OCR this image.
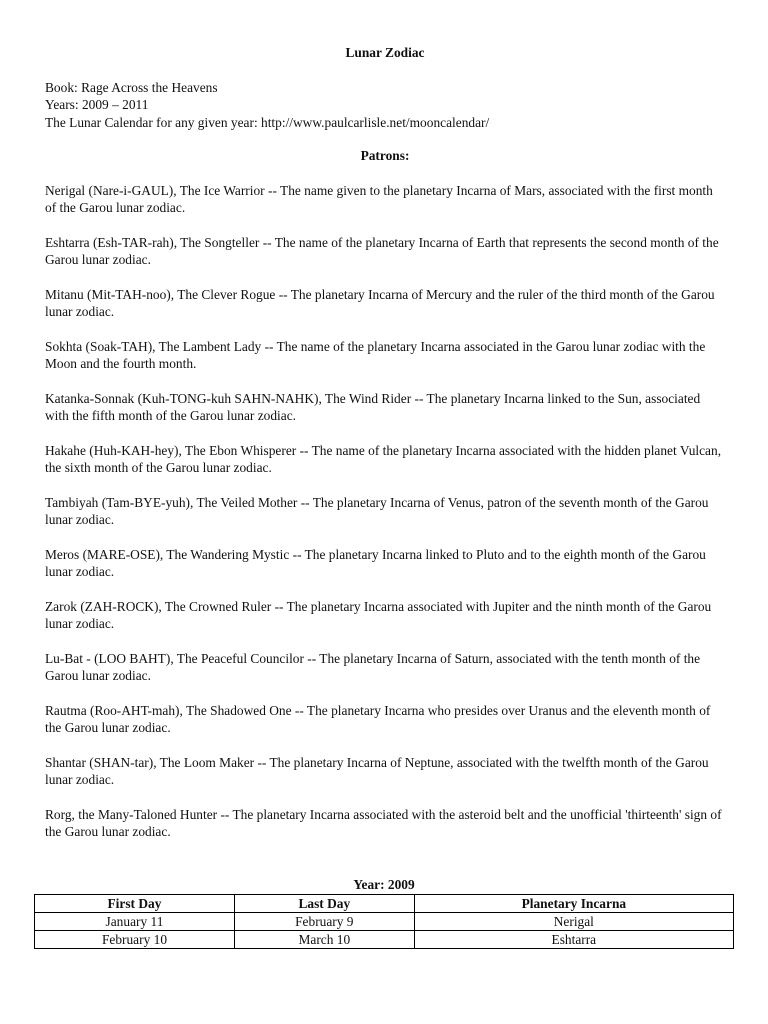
Lunar Zodiac
Book: Rage Across the Heavens
Years: 2009 – 2011
The Lunar Calendar for any given year: http://www.paulcarlisle.net/mooncalendar/
Patrons:

Nerigal (Nare-i-GAUL), The Ice Warrior -- The name given to the planetary Incarna of Mars, associated with the first month of the Garou lunar zodiac.

Eshtarra (Esh-TAR-rah), The Songteller -- The name of the planetary Incarna of Earth that represents the second month of the Garou lunar zodiac.

Mitanu (Mit-TAH-noo), The Clever Rogue -- The planetary Incarna of Mercury and the ruler of the third month of the Garou lunar zodiac.

Sokhta (Soak-TAH), The Lambent Lady -- The name of the planetary Incarna associated in the Garou lunar zodiac with the Moon and the fourth month.

Katanka-Sonnak (Kuh-TONG-kuh SAHN-NAHK), The Wind Rider -- The planetary Incarna linked to the Sun, associated with the fifth month of the Garou lunar zodiac.

Hakahe (Huh-KAH-hey), The Ebon Whisperer -- The name of the planetary Incarna associated with the hidden planet Vulcan, the sixth month of the Garou lunar zodiac.

Tambiyah (Tam-BYE-yuh), The Veiled Mother -- The planetary Incarna of Venus, patron of the seventh month of the Garou lunar zodiac.

Meros (MARE-OSE), The Wandering Mystic -- The planetary Incarna linked to Pluto and to the eighth month of the Garou lunar zodiac.

Zarok (ZAH-ROCK), The Crowned Ruler -- The planetary Incarna associated with Jupiter and the ninth month of the Garou lunar zodiac.

Lu-Bat - (LOO BAHT), The Peaceful Councilor -- The planetary Incarna of Saturn, associated with the tenth month of the Garou lunar zodiac.

Rautma (Roo-AHT-mah), The Shadowed One -- The planetary Incarna who presides over Uranus and the eleventh month of the Garou lunar zodiac.

Shantar (SHAN-tar), The Loom Maker -- The planetary Incarna of Neptune, associated with the twelfth month of the Garou lunar zodiac.

Rorg, the Many-Taloned Hunter -- The planetary Incarna associated with the asteroid belt and the unofficial 'thirteenth' sign of the Garou lunar zodiac.

Year: 2009
First Day	Last Day	Planetary Incarna
January 11	February 9	Nerigal
February 10	March 10	Eshtarra
